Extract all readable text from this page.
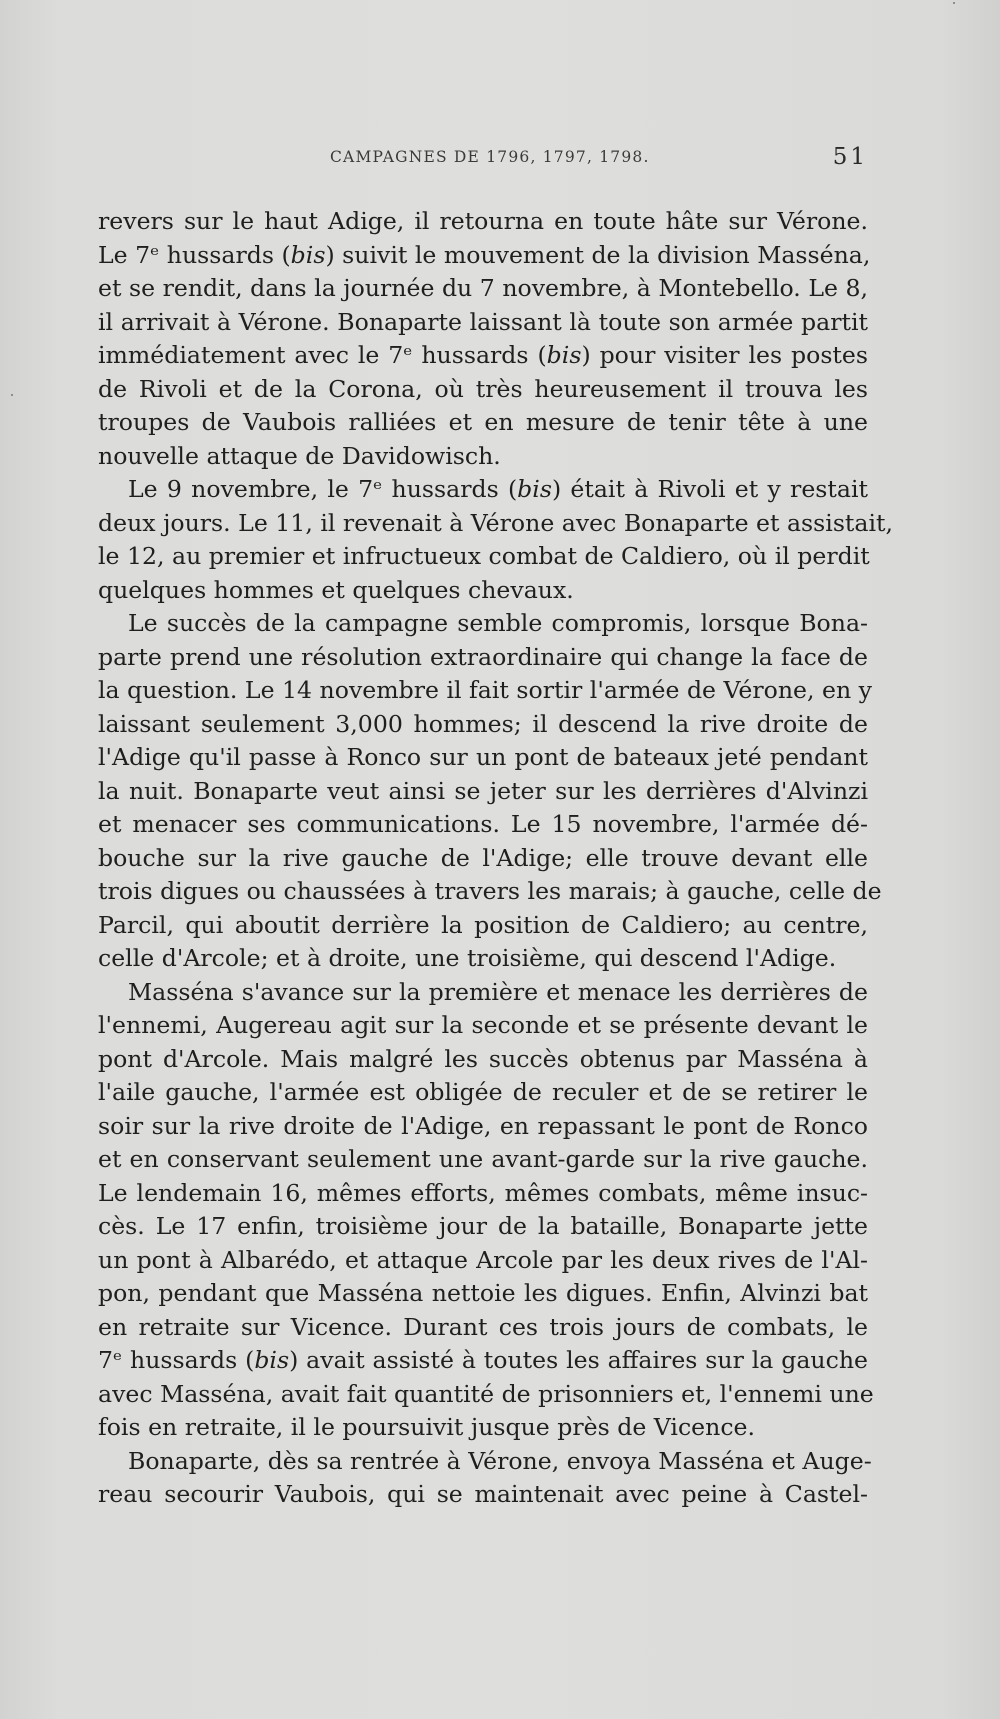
CAMPAGNES DE 1796, 1797, 1798.	51
revers sur le haut Adige, il retourna en toute hâte sur Vérone.
Le 7ᵉ hussards (bis) suivit le mouvement de la division Masséna,
et se rendit, dans la journée du 7 novembre, à Montebello. Le 8,
il arrivait à Vérone. Bonaparte laissant là toute son armée partit
immédiatement avec le 7ᵉ hussards (bis) pour visiter les postes
de Rivoli et de la Corona, où très heureusement il trouva les
troupes de Vaubois ralliées et en mesure de tenir tête à une
nouvelle attaque de Davidowisch.
Le 9 novembre, le 7ᵉ hussards (bis) était à Rivoli et y restait
deux jours. Le 11, il revenait à Vérone avec Bonaparte et assistait,
le 12, au premier et infructueux combat de Caldiero, où il perdit
quelques hommes et quelques chevaux.
Le succès de la campagne semble compromis, lorsque Bona-
parte prend une résolution extraordinaire qui change la face de
la question. Le 14 novembre il fait sortir l'armée de Vérone, en y
laissant seulement 3,000 hommes; il descend la rive droite de
l'Adige qu'il passe à Ronco sur un pont de bateaux jeté pendant
la nuit. Bonaparte veut ainsi se jeter sur les derrières d'Alvinzi
et menacer ses communications. Le 15 novembre, l'armée dé-
bouche sur la rive gauche de l'Adige; elle trouve devant elle
trois digues ou chaussées à travers les marais; à gauche, celle de
Parcil, qui aboutit derrière la position de Caldiero; au centre,
celle d'Arcole; et à droite, une troisième, qui descend l'Adige.
Masséna s'avance sur la première et menace les derrières de
l'ennemi, Augereau agit sur la seconde et se présente devant le
pont d'Arcole. Mais malgré les succès obtenus par Masséna à
l'aile gauche, l'armée est obligée de reculer et de se retirer le
soir sur la rive droite de l'Adige, en repassant le pont de Ronco
et en conservant seulement une avant-garde sur la rive gauche.
Le lendemain 16, mêmes efforts, mêmes combats, même insuc-
cès. Le 17 enfin, troisième jour de la bataille, Bonaparte jette
un pont à Albarédo, et attaque Arcole par les deux rives de l'Al-
pon, pendant que Masséna nettoie les digues. Enfin, Alvinzi bat
en retraite sur Vicence. Durant ces trois jours de combats, le
7ᵉ hussards (bis) avait assisté à toutes les affaires sur la gauche
avec Masséna, avait fait quantité de prisonniers et, l'ennemi une
fois en retraite, il le poursuivit jusque près de Vicence.
Bonaparte, dès sa rentrée à Vérone, envoya Masséna et Auge-
reau secourir Vaubois, qui se maintenait avec peine à Castel-
